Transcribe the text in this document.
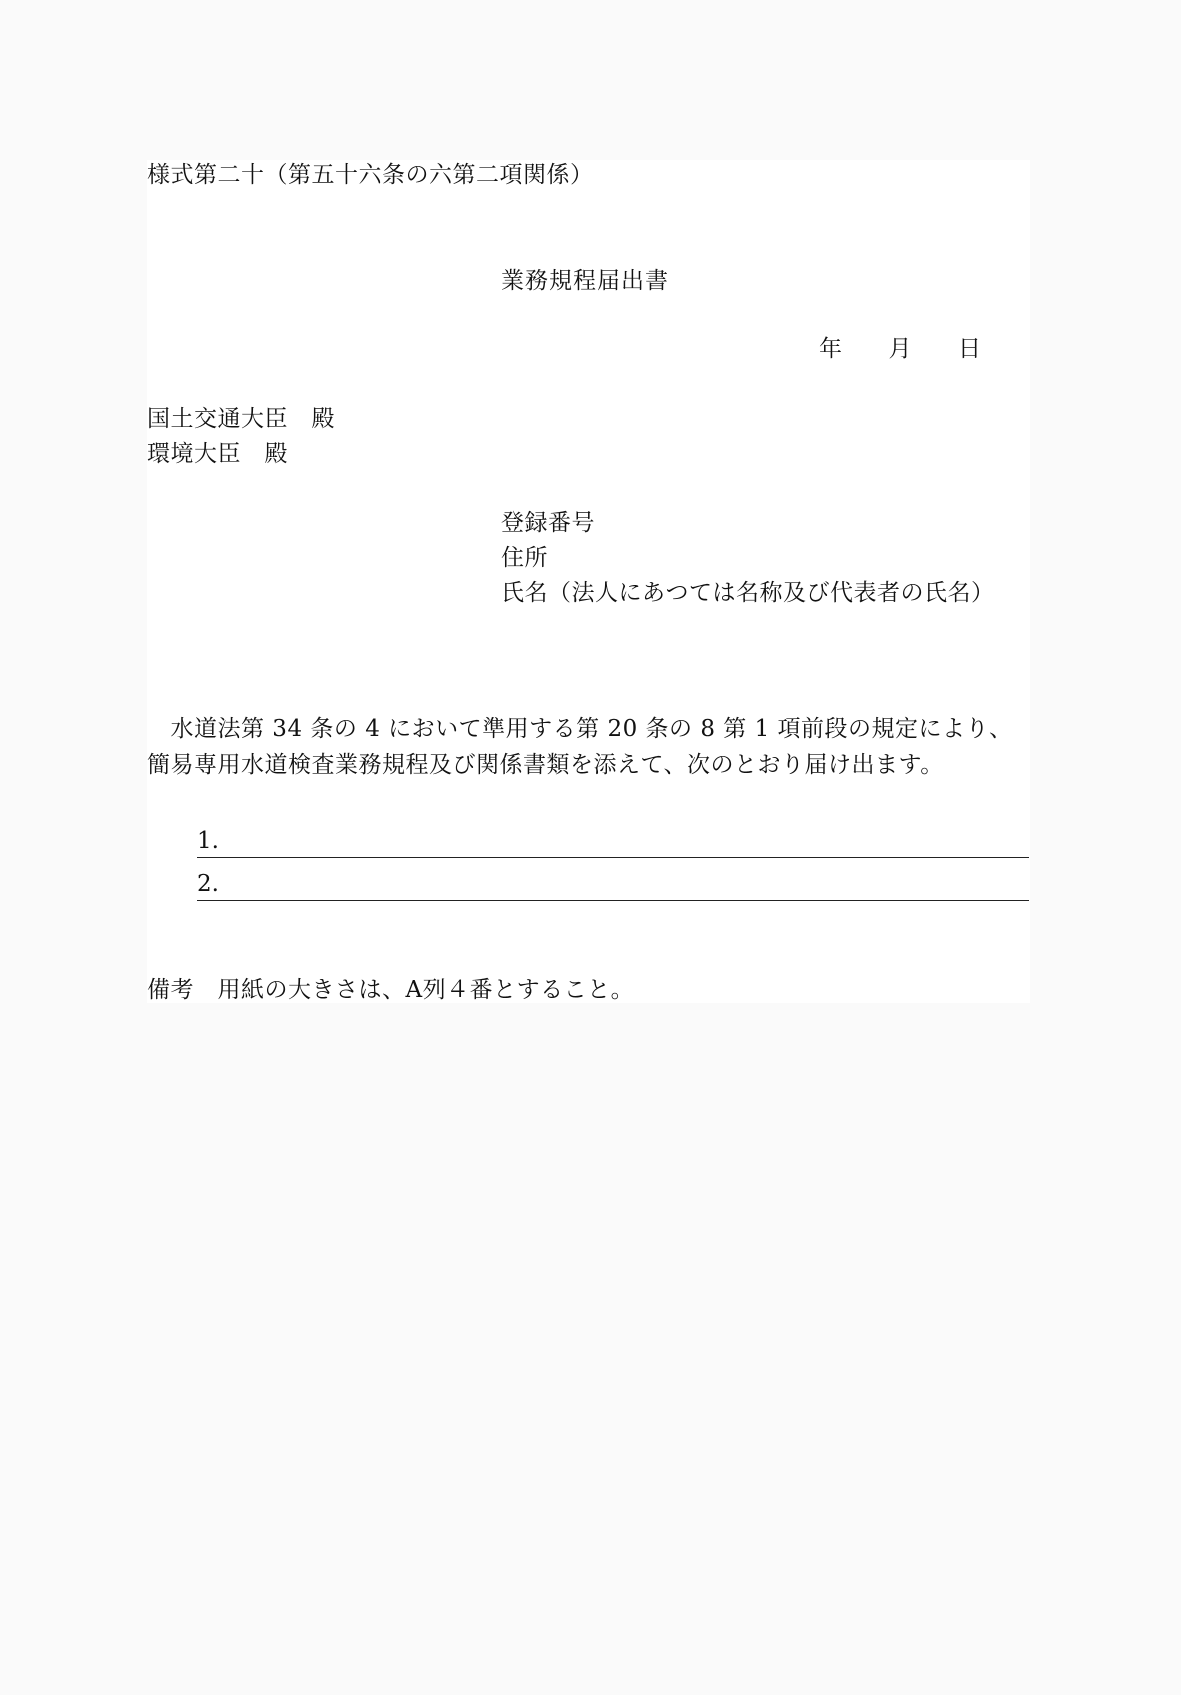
様式第二十（第五十六条の六第二項関係）
業務規程届出書
年 月 日
国土交通大臣　殿
環境大臣　殿
登録番号
住所
氏名（法人にあつては名称及び代表者の氏名）
　水道法第 34 条の 4 において準用する第 20 条の 8 第 1 項前段の規定により、
簡易専用水道検査業務規程及び関係書類を添えて、次のとおり届け出ます。
1.
2.
備考　用紙の大きさは、A列４番とすること。
